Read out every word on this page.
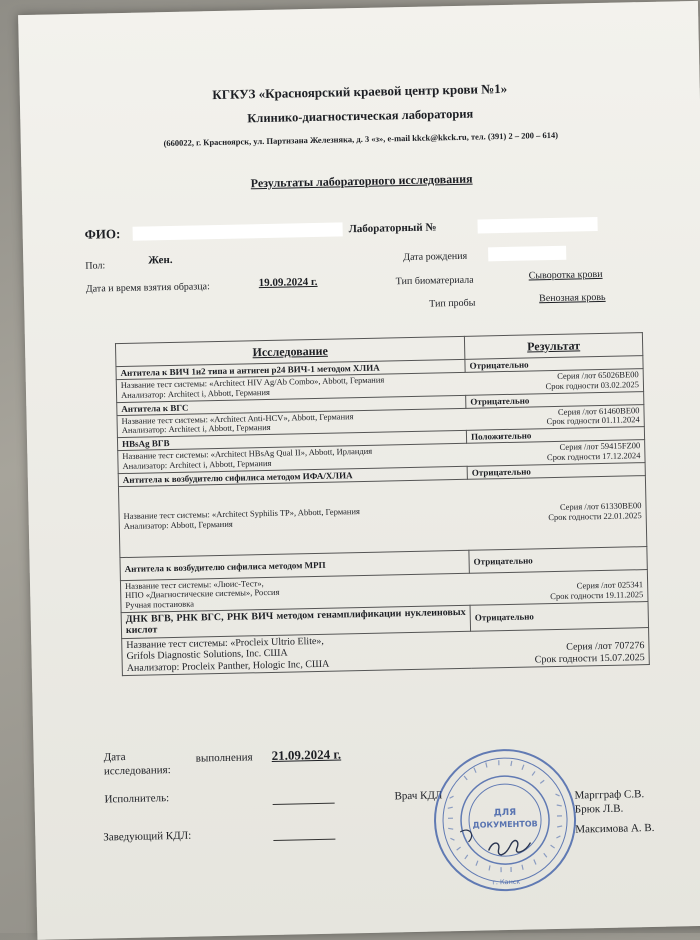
КГКУЗ «Красноярский краевой центр крови №1»
Клинико-диагностическая лаборатория
(660022, г. Красноярск, ул. Партизана Железняка, д. 3 «з», e-mail kkck@kkck.ru, тел. (391) 2 – 200 – 614)
Результаты лабораторного исследования
ФИО:	Лабораторный №
Пол:	Жен.	Дата рождения
Дата и время взятия образца:	19.09.2024 г.	Тип биоматериала	Сыворотка крови
Тип пробы	Венозная кровь
Исследование	Результат
Антитела к ВИЧ 1и2 типа и антиген р24 ВИЧ-1 методом ХЛИА	Отрицательно

Название тест системы: «Architect HIV Ag/Ab Combo», Abbott, Германия
Анализатор: Architect i, Abbott, Германия
Серия /лот 65026BE00
Срок годности 03.02.2025	

Антитела к ВГС	Отрицательно

Название тест системы: «Architect Anti-HCV», Abbott, Германия
Анализатор: Architect i, Abbott, Германия
Серия /лот 61460BE00
Срок годности 01.11.2024	

HBsAg ВГВ	Положительно

Название тест системы: «Architect HBsAg Qual II», Abbott, Ирландия
Анализатор: Architect i, Abbott, Германия
Серия /лот 59415FZ00
Срок годности 17.12.2024	

Антитела к возбудителю сифилиса методом ИФА/ХЛИА	Отрицательно

Название тест системы: «Architect Syphilis TP», Abbott, Германия
Анализатор: Abbott, Германия
Серия /лот 61330BE00
Срок годности 22.01.2025	

Антитела к возбудителю сифилиса методом МРП	Отрицательно

Название тест системы: «Люис-Тест»,
НПО «Диагностические системы», Россия
Ручная постановка
Серия /лот 025341
Срок годности 19.11.2025	

ДНК ВГВ, РНК ВГС, РНК ВИЧ методом генамплификации нуклеиновых кислот	Отрицательно

Название тест системы: «Procleix Ultrio Elite»,
Grifols Diagnostic Solutions, Inc. США
Анализатор: Procleix Panther, Hologic Inc, США
Серия /лот 707276
Срок годности 15.07.2025	
Дата
исследования:
выполнения 21.09.2024 г.
Исполнитель:	Врач КДЛ	Маргграф С.В.
Брюк Л.В.
Заведующий КДЛ:
Максимова А. В.
ДЛЯ
ДОКУМЕНТОВ
г. Канск
